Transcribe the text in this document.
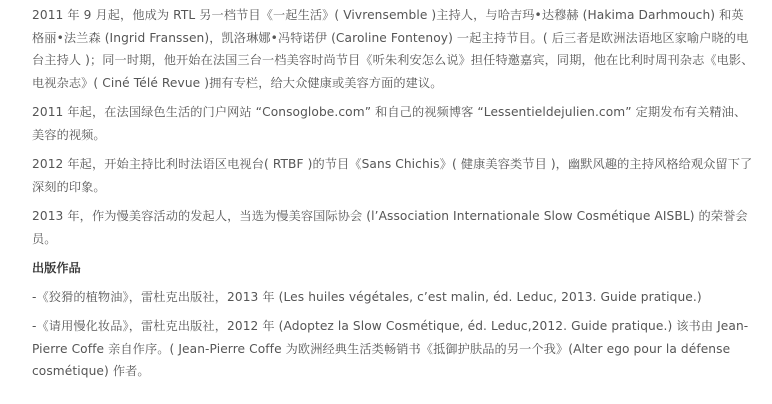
2011 年 9 月起，他成为 RTL 另一档节目《一起生活》( Vivrensemble )主持人，与哈吉玛•达穆赫 (Hakima Darhmouch) 和英格丽•法兰森 (Ingrid Franssen)，凯洛琳娜•冯特诺伊 (Caroline Fontenoy) 一起主持节目。( 后三者是欧洲法语地区家喻户晓的电台主持人 )；同一时期，他开始在法国三台一档美容时尚节目《听朱利安怎么说》担任特邀嘉宾，同期，他在比利时周刊杂志《电影、电视杂志》( Ciné Télé Revue )拥有专栏，给大众健康或美容方面的建议。

2011 年起，在法国绿色生活的门户网站 “Consoglobe.com” 和自己的视频博客 “Lessentieldejulien.com” 定期发布有关精油、美容的视频。

2012 年起，开始主持比利时法语区电视台( RTBF )的节目《Sans Chichis》( 健康美容类节目 )，幽默风趣的主持风格给观众留下了深刻的印象。

2013 年，作为慢美容活动的发起人，当选为慢美容国际协会 (l’Association Internationale Slow Cosmétique AISBL) 的荣誉会员。

出版作品

-《狡猾的植物油》，雷杜克出版社，2013 年 (Les huiles végétales, c’est malin, éd. Leduc, 2013. Guide pratique.)

-《请用慢化妆品》，雷杜克出版社，2012 年 (Adoptez la Slow Cosmétique, éd. Leduc,2012. Guide pratique.) 该书由 Jean-Pierre Coffe 亲自作序。( Jean-Pierre Coffe 为欧洲经典生活类畅销书《抵御护肤品的另一个我》(Alter ego pour la défense cosmétique) 作者。
